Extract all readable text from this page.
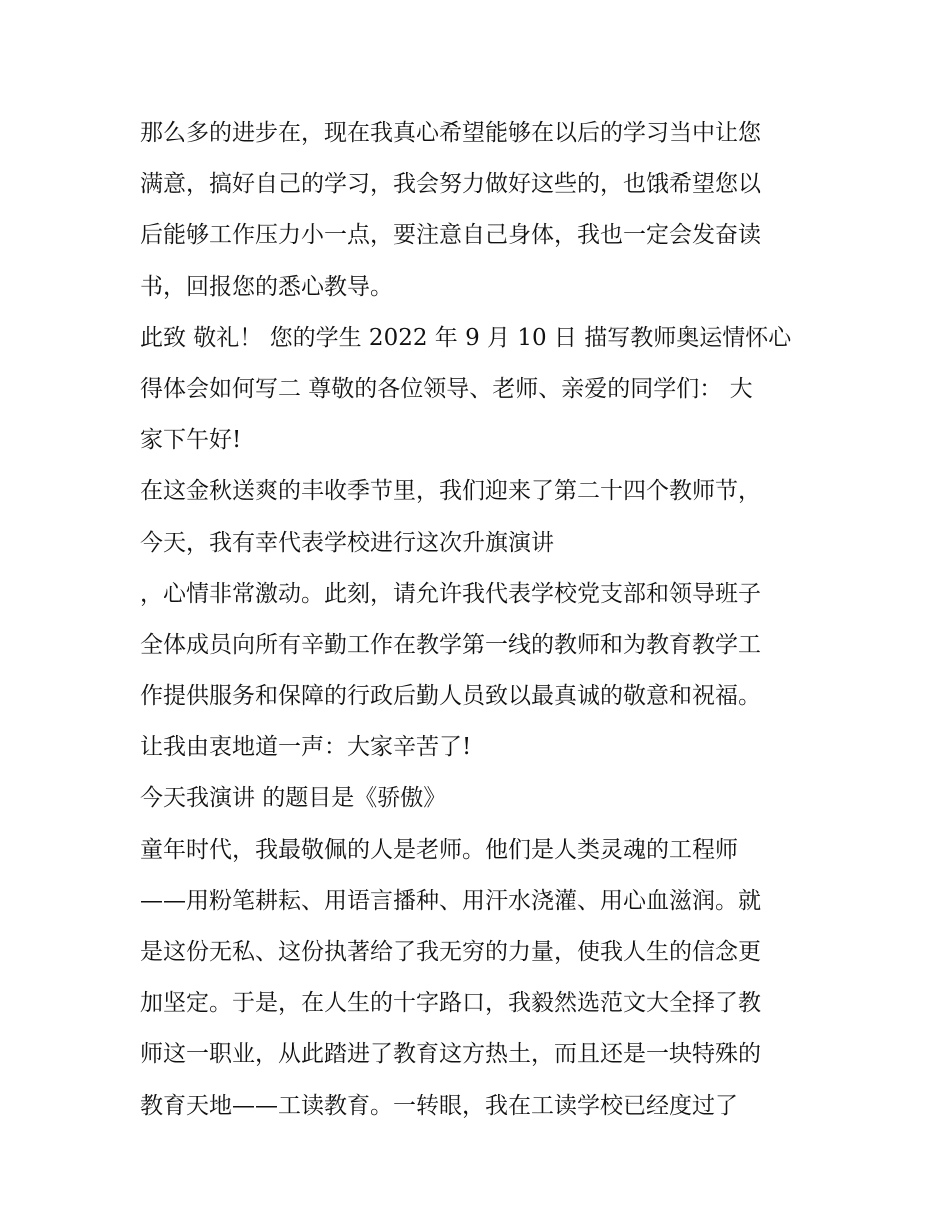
那么多的进步在，现在我真心希望能够在以后的学习当中让您
满意，搞好自己的学习，我会努力做好这些的，也饿希望您以
后能够工作压力小一点，要注意自己身体，我也一定会发奋读
书，回报您的悉心教导。
此致 敬礼！ 您的学生 2022 年 9 月 10 日 描写教师奥运情怀心
得体会如何写二 尊敬的各位领导、老师、亲爱的同学们： 大
家下午好!
在这金秋送爽的丰收季节里，我们迎来了第二十四个教师节，
今天，我有幸代表学校进行这次升旗演讲
，心情非常激动。此刻，请允许我代表学校党支部和领导班子
全体成员向所有辛勤工作在教学第一线的教师和为教育教学工
作提供服务和保障的行政后勤人员致以最真诚的敬意和祝福。
让我由衷地道一声：大家辛苦了!
今天我演讲 的题目是《骄傲》
童年时代，我最敬佩的人是老师。他们是人类灵魂的工程师
——用粉笔耕耘、用语言播种、用汗水浇灌、用心血滋润。就
是这份无私、这份执著给了我无穷的力量，使我人生的信念更
加坚定。于是，在人生的十字路口，我毅然选范文大全择了教
师这一职业，从此踏进了教育这方热土，而且还是一块特殊的
教育天地——工读教育。一转眼，我在工读学校已经度过了
